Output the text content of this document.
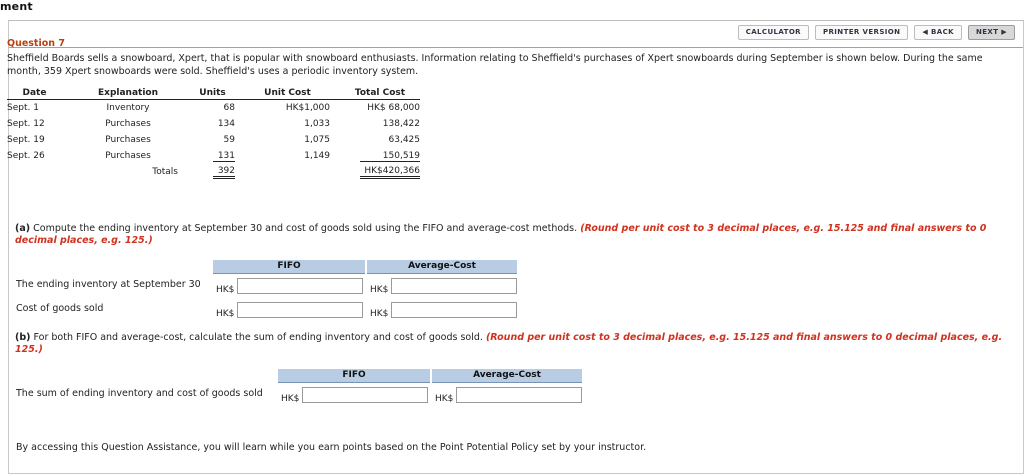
ment
CALCULATOR	PRINTER VERSION	◀ BACK	NEXT ▶

Question 7

Sheffield Boards sells a snowboard, Xpert, that is popular with snowboard enthusiasts. Information relating to Sheffield's purchases of Xpert snowboards during September is shown below. During the same month, 359 Xpert snowboards were sold. Sheffield's uses a periodic inventory system.

Date		Explanation		Units		Unit Cost		Total Cost
Sept. 1		Inventory		68		HK$1,000		HK$ 68,000
Sept. 12		Purchases		134		1,033		138,422
Sept. 19		Purchases		59		1,075		63,425
Sept. 26		Purchases		131		1,149		150,519
		Totals		392				HK$420,366

(a) Compute the ending inventory at September 30 and cost of goods sold using the FIFO and average-cost methods. (Round per unit cost to 3 decimal places, e.g. 15.125 and final answers to 0 decimal places, e.g. 125.)

FIFO	Average-Cost
The ending inventory at September 30 HK$	HK$
Cost of goods sold	HK$	HK$

(b) For both FIFO and average-cost, calculate the sum of ending inventory and cost of goods sold. (Round per unit cost to 3 decimal places, e.g. 15.125 and final answers to 0 decimal places, e.g. 125.)

FIFO	Average-Cost
The sum of ending inventory and cost of goods sold HK$	HK$
By accessing this Question Assistance, you will learn while you earn points based on the Point Potential Policy set by your instructor.
